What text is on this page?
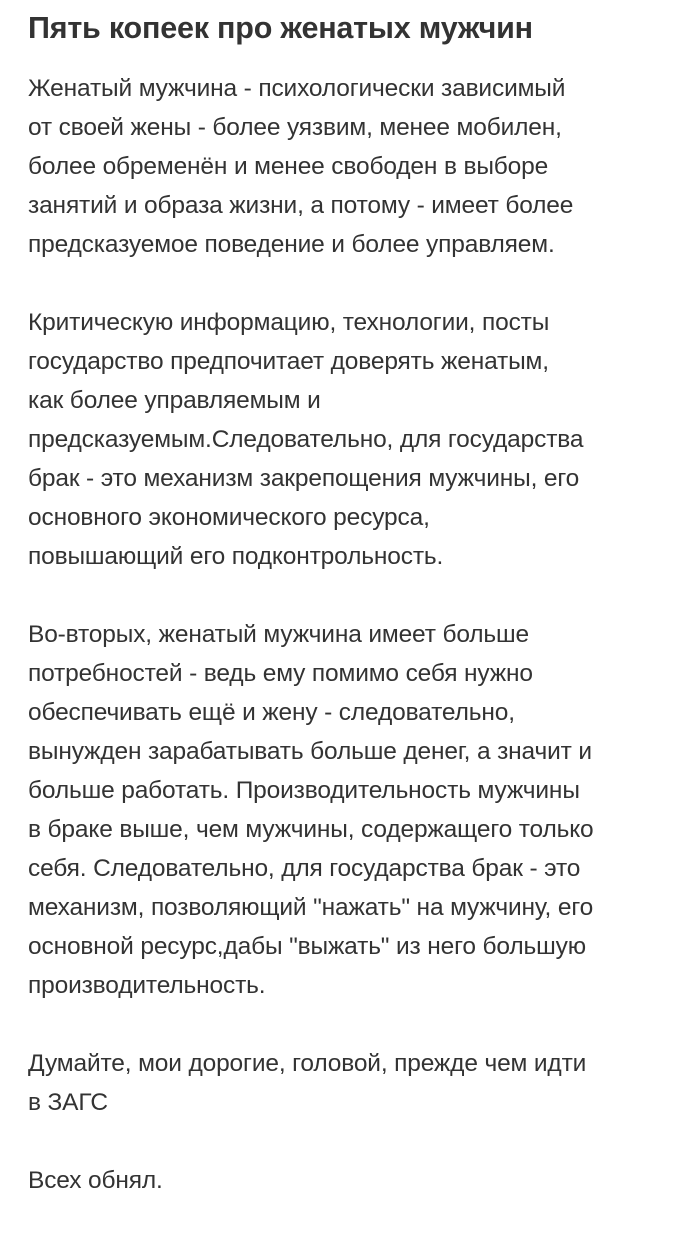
Пять копеек про женатых мужчин

Женатый мужчина - психологически зависимый
от своей жены - более уязвим, менее мобилен,
более обременён и менее свободен в выборе
занятий и образа жизни, а потому - имеет более
предсказуемое поведение и более управляем.

Критическую информацию, технологии, посты
государство предпочитает доверять женатым,
как более управляемым и
предсказуемым.Следовательно, для государства
брак - это механизм закрепощения мужчины, его
основного экономического ресурса,
повышающий его подконтрольность.

Во-вторых, женатый мужчина имеет больше
потребностей - ведь ему помимо себя нужно
обеспечивать ещё и жену - следовательно,
вынужден зарабатывать больше денег, а значит и
больше работать. Производительность мужчины
в браке выше, чем мужчины, содержащего только
себя. Следовательно, для государства брак - это
механизм, позволяющий "нажать" на мужчину, его
основной ресурс,дабы "выжать" из него большую
производительность.

Думайте, мои дорогие, головой, прежде чем идти
в ЗАГС

Всех обнял.
